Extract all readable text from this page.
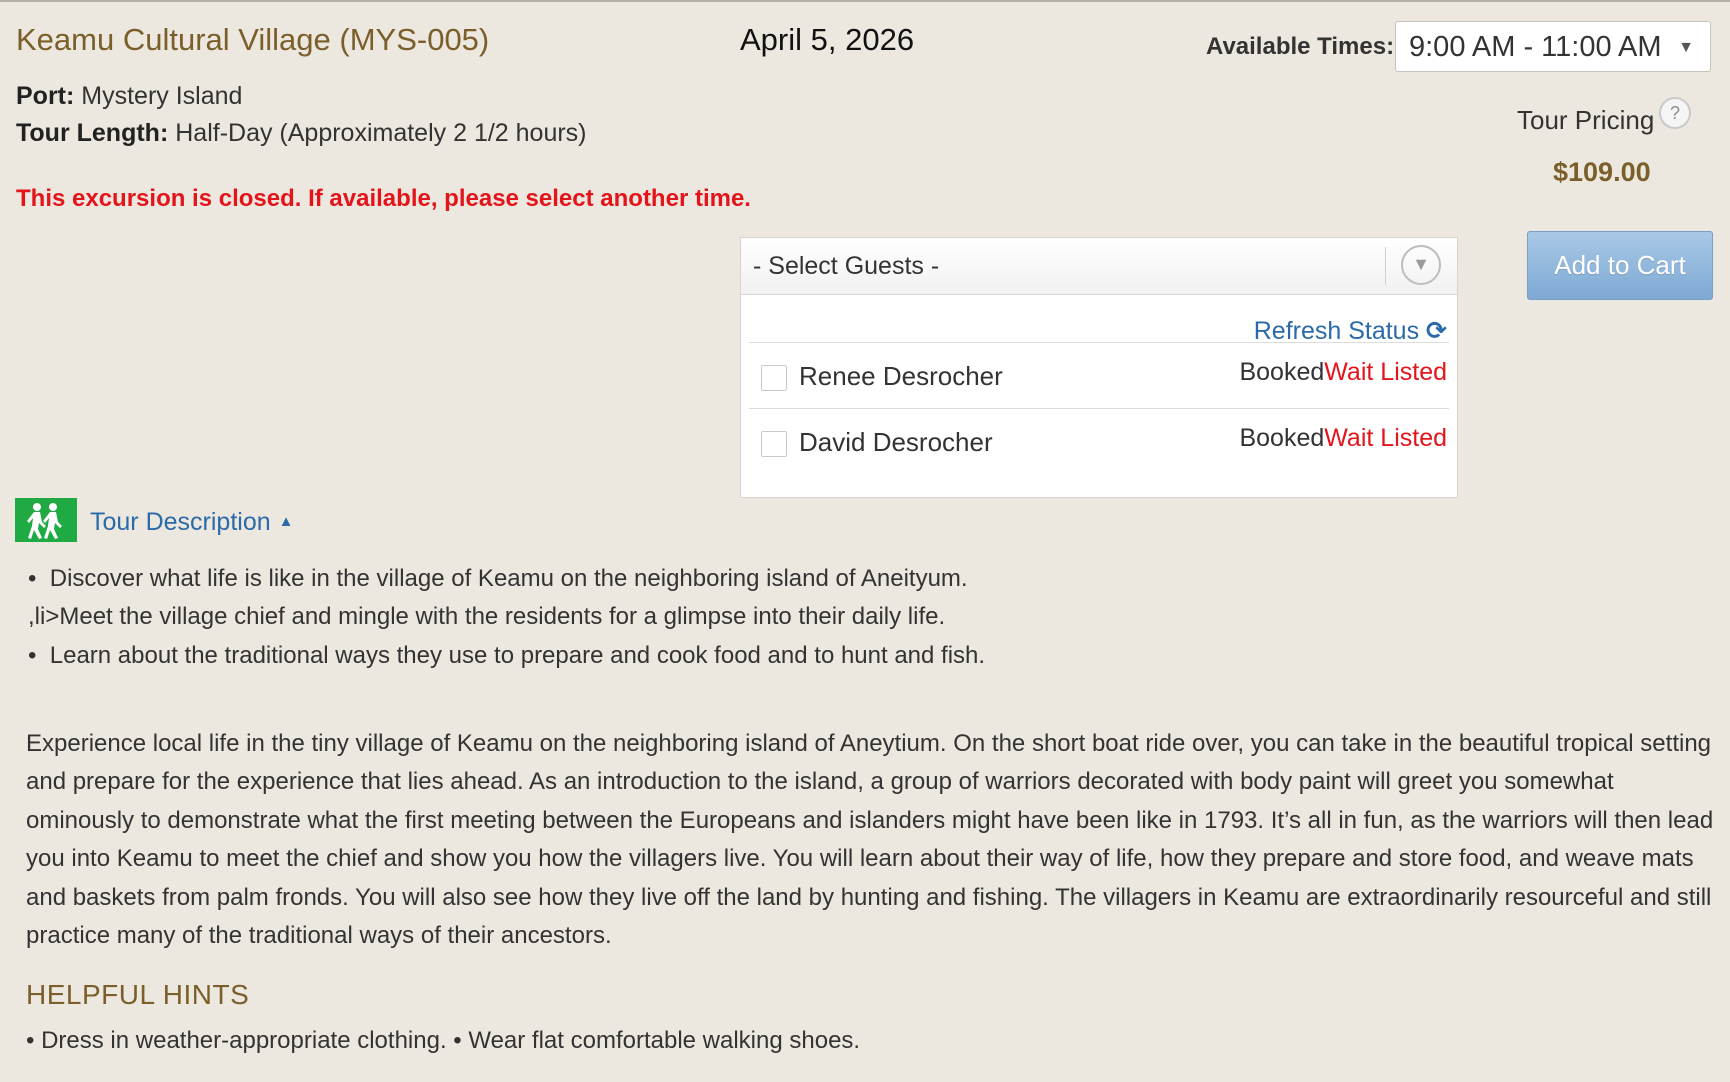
Keamu Cultural Village (MYS-005)	April 5, 2026	Available Times: 9:00 AM - 11:00 AM ▼
Port: Mystery Island
Tour Length: Half-Day (Approximately 2 1/2 hours)
This excursion is closed. If available, please select another time.
Tour Pricing ?
$109.00
Add to Cart
- Select Guests -	▼
Refresh Status ⟳
Renee Desrocher	BookedWait Listed
David Desrocher	BookedWait Listed
Tour Description ▲
•  Discover what life is like in the village of Keamu on the neighboring island of Aneityum.
,li>Meet the village chief and mingle with the residents for a glimpse into their daily life.
•  Learn about the traditional ways they use to prepare and cook food and to hunt and fish.
Experience local life in the tiny village of Keamu on the neighboring island of Aneytium. On the short boat ride over, you can take in the beautiful tropical setting and prepare for the experience that lies ahead. As an introduction to the island, a group of warriors decorated with body paint will greet you somewhat ominously to demonstrate what the first meeting between the Europeans and islanders might have been like in 1793. It’s all in fun, as the warriors will then lead you into Keamu to meet the chief and show you how the villagers live. You will learn about their way of life, how they prepare and store food, and weave mats and baskets from palm fronds. You will also see how they live off the land by hunting and fishing. The villagers in Keamu are extraordinarily resourceful and still practice many of the traditional ways of their ancestors.
HELPFUL HINTS
• Dress in weather-appropriate clothing. • Wear flat comfortable walking shoes.
